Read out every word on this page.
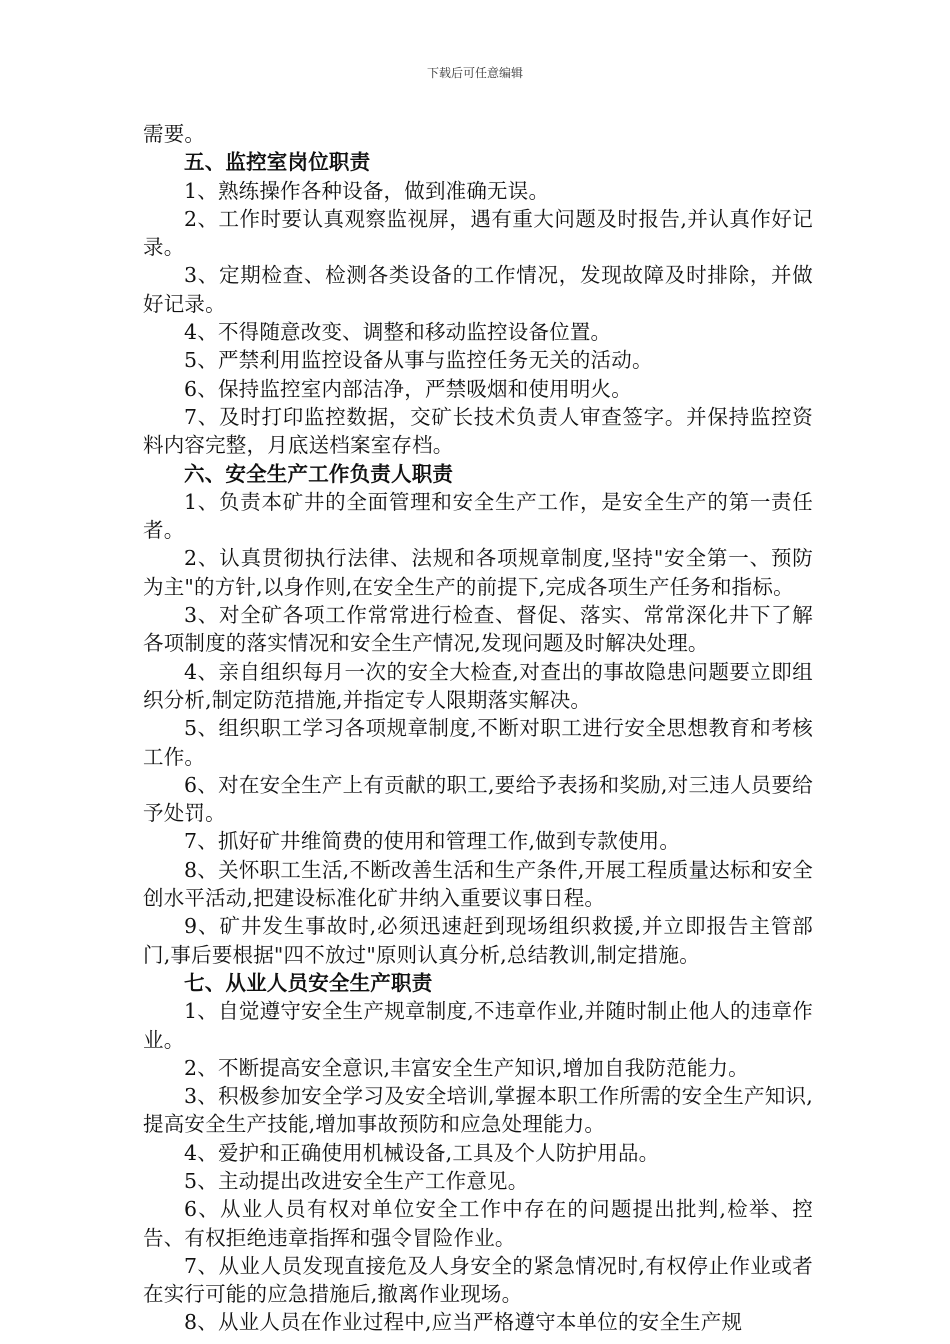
下载后可任意编辑

需要。

五、监控室岗位职责

1、熟练操作各种设备，做到准确无误。

2、工作时要认真观察监视屏，遇有重大问题及时报告,并认真作好记录。

3、定期检查、检测各类设备的工作情况，发现故障及时排除，并做好记录。

4、不得随意改变、调整和移动监控设备位置。

5、严禁利用监控设备从事与监控任务无关的活动。

6、保持监控室内部洁净，严禁吸烟和使用明火。

7、及时打印监控数据，交矿长技术负责人审查签字。并保持监控资料内容完整，月底送档案室存档。

六、安全生产工作负责人职责

1、负责本矿井的全面管理和安全生产工作，是安全生产的第一责任者。

2、认真贯彻执行法律、法规和各项规章制度,坚持"安全第一、预防为主"的方针,以身作则,在安全生产的前提下,完成各项生产任务和指标。

3、对全矿各项工作常常进行检查、督促、落实、常常深化井下了解各项制度的落实情况和安全生产情况,发现问题及时解决处理。

4、亲自组织每月一次的安全大检查,对查出的事故隐患问题要立即组织分析,制定防范措施,并指定专人限期落实解决。

5、组织职工学习各项规章制度,不断对职工进行安全思想教育和考核工作。

6、对在安全生产上有贡献的职工,要给予表扬和奖励,对三违人员要给予处罚。

7、抓好矿井维简费的使用和管理工作,做到专款使用。

8、关怀职工生活,不断改善生活和生产条件,开展工程质量达标和安全创水平活动,把建设标准化矿井纳入重要议事日程。

9、矿井发生事故时,必须迅速赶到现场组织救援,并立即报告主管部门,事后要根据"四不放过"原则认真分析,总结教训,制定措施。

七、从业人员安全生产职责

1、自觉遵守安全生产规章制度,不违章作业,并随时制止他人的违章作业。

2、不断提高安全意识,丰富安全生产知识,增加自我防范能力。

3、积极参加安全学习及安全培训,掌握本职工作所需的安全生产知识,提高安全生产技能,增加事故预防和应急处理能力。

4、爱护和正确使用机械设备,工具及个人防护用品。

5、主动提出改进安全生产工作意见。

6、从业人员有权对单位安全工作中存在的问题提出批判,检举、控告、有权拒绝违章指挥和强令冒险作业。

7、从业人员发现直接危及人身安全的紧急情况时,有权停止作业或者在实行可能的应急措施后,撤离作业现场。

8、从业人员在作业过程中,应当严格遵守本单位的安全生产规
